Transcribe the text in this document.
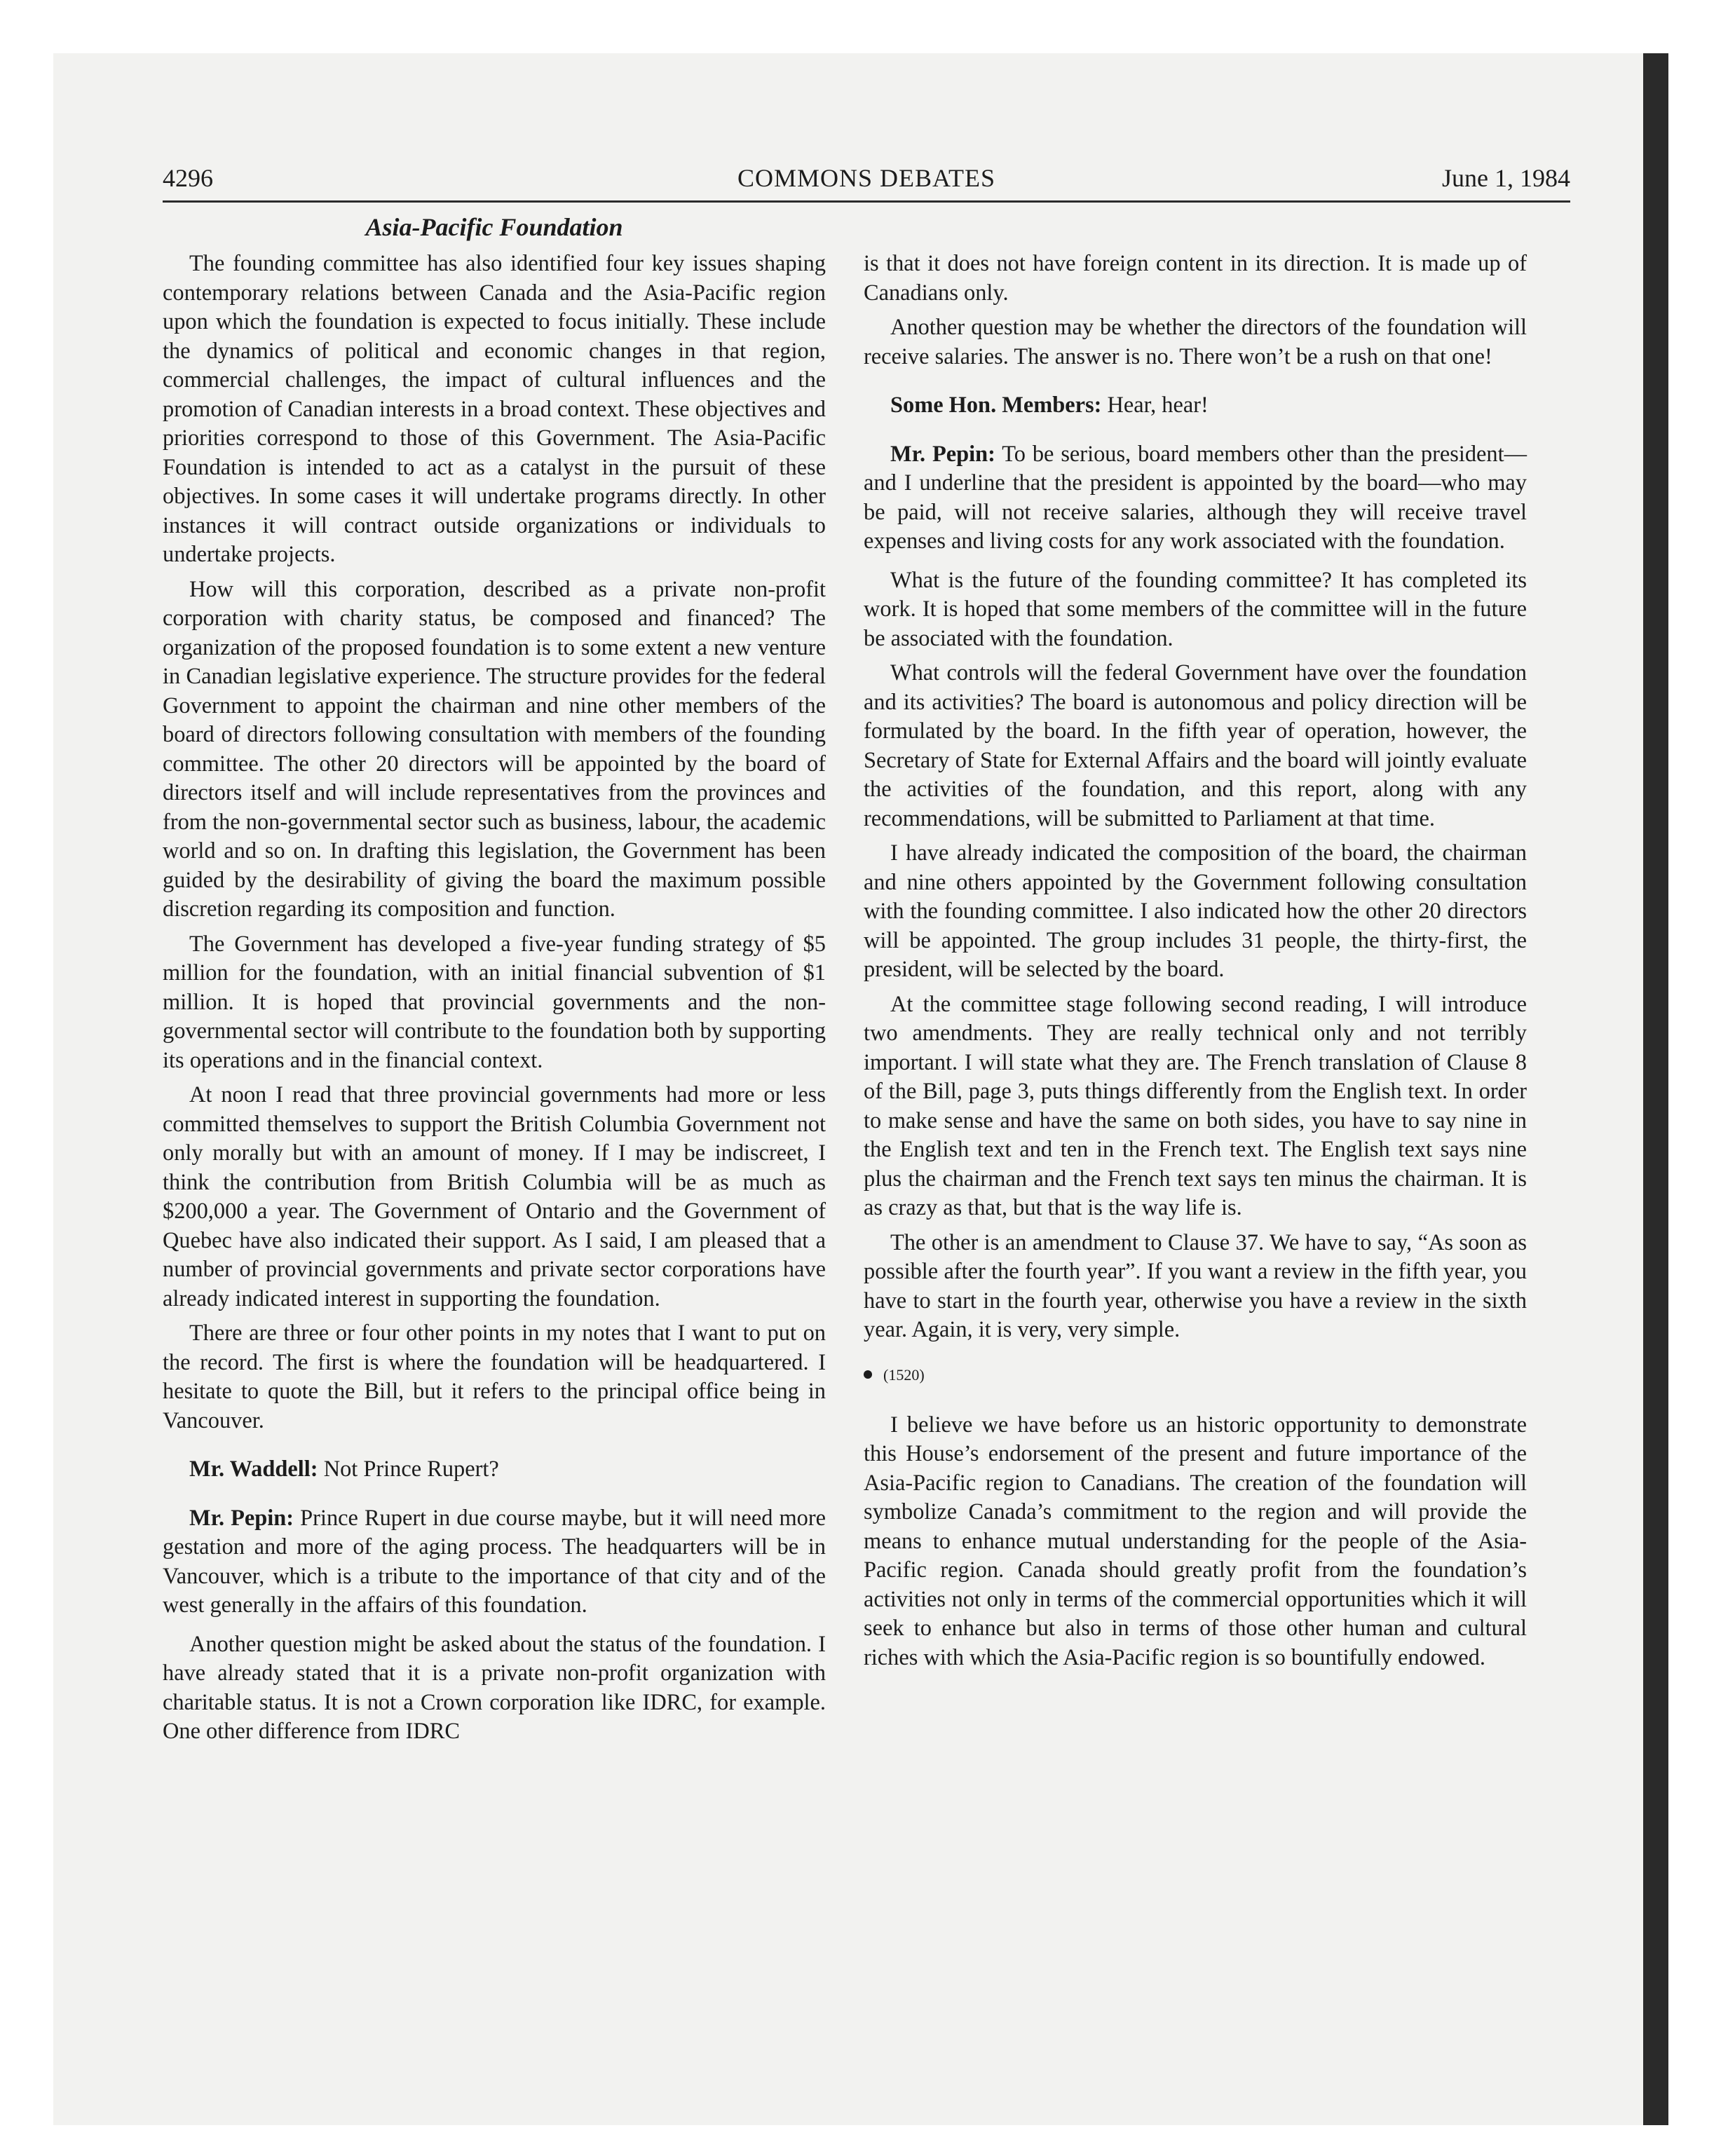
4296	COMMONS DEBATES	June 1, 1984
Asia-Pacific Foundation

The founding committee has also identified four key issues shaping contemporary relations between Canada and the Asia-Pacific region upon which the foundation is expected to focus initially. These include the dynamics of political and economic changes in that region, commercial challenges, the impact of cultural influences and the promotion of Canadian interests in a broad context. These objectives and priorities correspond to those of this Government. The Asia-Pacific Foundation is intended to act as a catalyst in the pursuit of these objectives. In some cases it will undertake programs directly. In other instances it will contract outside organizations or individuals to undertake projects.

How will this corporation, described as a private non-profit corporation with charity status, be composed and financed? The organization of the proposed foundation is to some extent a new venture in Canadian legislative experience. The structure provides for the federal Government to appoint the chairman and nine other members of the board of directors following consultation with members of the founding committee. The other 20 directors will be appointed by the board of directors itself and will include representatives from the provinces and from the non-governmental sector such as business, labour, the academic world and so on. In drafting this legislation, the Government has been guided by the desirability of giving the board the maximum possible discretion regarding its composition and function.

The Government has developed a five-year funding strategy of $5 million for the foundation, with an initial financial subvention of $1 million. It is hoped that provincial governments and the non-governmental sector will contribute to the foundation both by supporting its operations and in the financial context.

At noon I read that three provincial governments had more or less committed themselves to support the British Columbia Government not only morally but with an amount of money. If I may be indiscreet, I think the contribution from British Columbia will be as much as $200,000 a year. The Government of Ontario and the Government of Quebec have also indicated their support. As I said, I am pleased that a number of provincial governments and private sector corporations have already indicated interest in supporting the foundation.

There are three or four other points in my notes that I want to put on the record. The first is where the foundation will be headquartered. I hesitate to quote the Bill, but it refers to the principal office being in Vancouver.

Mr. Waddell: Not Prince Rupert?

Mr. Pepin: Prince Rupert in due course maybe, but it will need more gestation and more of the aging process. The headquarters will be in Vancouver, which is a tribute to the importance of that city and of the west generally in the affairs of this foundation.

Another question might be asked about the status of the foundation. I have already stated that it is a private non-profit organization with charitable status. It is not a Crown corporation like IDRC, for example. One other difference from IDRC

is that it does not have foreign content in its direction. It is made up of Canadians only.

Another question may be whether the directors of the foundation will receive salaries. The answer is no. There won’t be a rush on that one!

Some Hon. Members: Hear, hear!

Mr. Pepin: To be serious, board members other than the president—and I underline that the president is appointed by the board—who may be paid, will not receive salaries, although they will receive travel expenses and living costs for any work associated with the foundation.

What is the future of the founding committee? It has completed its work. It is hoped that some members of the committee will in the future be associated with the foundation.

What controls will the federal Government have over the foundation and its activities? The board is autonomous and policy direction will be formulated by the board. In the fifth year of operation, however, the Secretary of State for External Affairs and the board will jointly evaluate the activities of the foundation, and this report, along with any recommendations, will be submitted to Parliament at that time.

I have already indicated the composition of the board, the chairman and nine others appointed by the Government following consultation with the founding committee. I also indicated how the other 20 directors will be appointed. The group includes 31 people, the thirty-first, the president, will be selected by the board.

At the committee stage following second reading, I will introduce two amendments. They are really technical only and not terribly important. I will state what they are. The French translation of Clause 8 of the Bill, page 3, puts things differently from the English text. In order to make sense and have the same on both sides, you have to say nine in the English text and ten in the French text. The English text says nine plus the chairman and the French text says ten minus the chairman. It is as crazy as that, but that is the way life is.

The other is an amendment to Clause 37. We have to say, “As soon as possible after the fourth year”. If you want a review in the fifth year, you have to start in the fourth year, otherwise you have a review in the sixth year. Again, it is very, very simple.

(1520)

I believe we have before us an historic opportunity to demonstrate this House’s endorsement of the present and future importance of the Asia-Pacific region to Canadians. The creation of the foundation will symbolize Canada’s commitment to the region and will provide the means to enhance mutual understanding for the people of the Asia-Pacific region. Canada should greatly profit from the foundation’s activities not only in terms of the commercial opportunities which it will seek to enhance but also in terms of those other human and cultural riches with which the Asia-Pacific region is so bountifully endowed.
